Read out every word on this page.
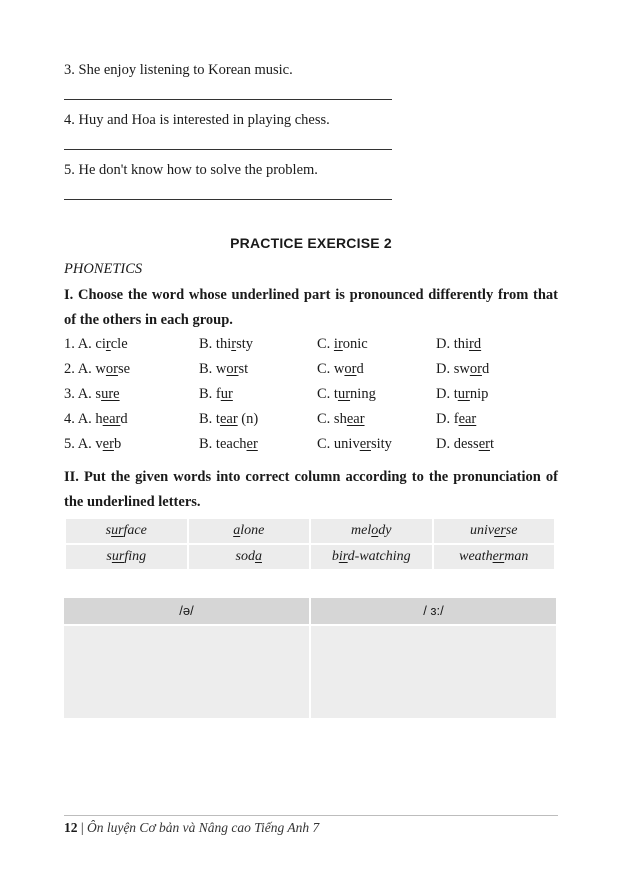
3. She enjoy listening to Korean music.
4. Huy and Hoa is interested in playing chess.
5. He don't know how to solve the problem.
PRACTICE EXERCISE 2
PHONETICS
I. Choose the word whose underlined part is pronounced differently from that of the others in each group.
1. A. circle	B. thirsty	C. ironic	D. third
2. A. worse	B. worst	C. word	D. sword
3. A. sure	B. fur	C. turning	D. turnip
4. A. heard	B. tear (n)	C. shear	D. fear
5. A. verb	B. teacher	C. university	D. dessert
II. Put the given words into correct column according to the pronunciation of the underlined letters.
surface	alone	melody	universe
surfing	soda	bird-watching	weatherman
/ə/	/ ɜ:/
12 | Ôn luyện Cơ bản và Nâng cao Tiếng Anh 7
